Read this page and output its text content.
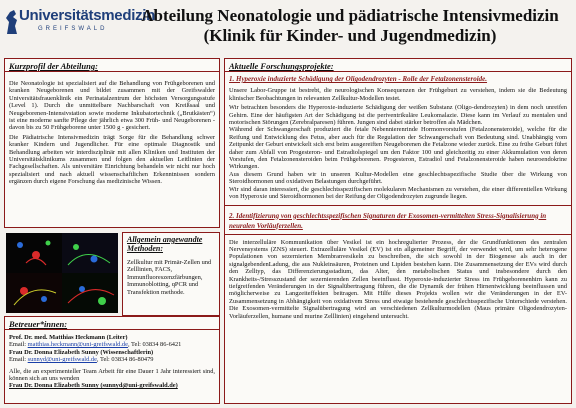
Universitätsmedizin
GREIFSWALD
Abteilung Neonatologie und pädiatrische Intensivmedizin
(Klinik für Kinder- und Jugendmedizin)
Kurzprofil der Abteilung:

Die Neonatologie ist spezialisiert auf die Behandlung von Frühgeborenen und kranken Neugeborenen und bildet zusammen mit der Greifswalder Universitätsfrauenklinik ein Perinatalzentrum der höchsten Versorgungsstufe (Level 1). Durch die unmittelbare Nachbarschaft von Kreißsaal und Neugeborenen-Intensivstation sowie moderne Inkubatortechnik („Brutkästen“) ist eine moderne sanfte Pflege der jährlich etwa 300 Früh- und Neugeborenen - davon bis zu 50 Frühgeborene unter 1500 g - gesichert.

Die Pädiatrische Intensivmedizin trägt Sorge für die Behandlung schwer kranker Kindern und Jugendlicher. Für eine optimale Diagnostik und Behandlung arbeiten wir interdisziplinär mit allen Kliniken und Instituten der Universitätsklinikums zusammen und folgen den aktuellen Leitlinien der Fachgesellschaften. Als universitäre Einrichtung behandeln wir nicht nur hoch spezialisiert und nach aktuell wissenschaftlichen Erkenntnissen sondern ergänzen durch eigene Forschung das medizinische Wissen.

Allgemein angewandte Methoden:
Zellkultur mit Primär-Zellen und Zelllinien, FACS, Immunfluoreszenzfärbungen, Immunoblotting, qPCR und Transfektion methode.
Betreuer*innen:

Prof. Dr. med. Matthias Heckmann (Leiter)

Email: matthias.heckmann@uni-greifswald.de, Tel: 03834 86-6421

Frau Dr. Donna Elizabeth Sunny (Wissenschaftlerin)

Email: sunnyd@uni-greifswald.de, Tel: 03834 86-80479

Alle, die an experimenteller Team Arbeit für eine Dauer 1 Jahr interessiert sind, können sich an uns wenden

Frau Dr. Donna Elizabeth Sunny (sunnyd@uni-greifswald.de)

Aktuelle Forschungsprojekte:
1. Hyperoxie induzierte Schädigung der Oligodendrozyten - Rolle der Fetalzonensteroide.

Unsere Labor-Gruppe ist bestrebt, die neurologischen Konsequenzen der Frühgeburt zu verstehen, indem sie die Bedeutung klinischer Beobachtungen in relevanten Zellkultur-Modellen testet.

Wir betrachten besonders die Hyperoxie-induzierte Schädigung der weißen Substanz (Oligo-dendrozyten) in dem noch unreifen Gehirn. Eine der häufigsten Art der Schädigung ist die periventrikuläre Leukomalazie. Diese kann im Verlauf zu mentalen und motorischen Störungen (Zerebralparesen) führen. Jungen sind dabei stärker betroffen als Mädchen.

Während der Schwangerschaft produziert die fetale Nebennierenrinde Hormonvorstufen (Fetalzonensteroide), welche für die Reifung und Entwicklung des Fetus, aber auch für die Regulation der Schwangerschaft von Bedeutung sind. Unabhängig vom Zeitpunkt der Geburt entwickelt sich erst beim ausgereiften Neugeborenen die Fetalzone wieder zurück. Eine zu frühe Geburt führt daher zum Abfall von Progesteron- und Estradiolspiegel um den Faktor 100 und gleichzeitig zu einer Akkumulation von deren Vorstufen, den Fetalzonensteroiden beim Frühgeborenen. Progesteron, Estradiol und Fetalzonensteroide haben neuroendokrine Wirkungen.

Aus diesem Grund haben wir in unseren Kultur-Modellen eine geschlechtsspezifische Studie über die Wirkung von Steroidhormonen und oxidativen Belastungen durchgeführt.

Wir sind daran interessiert, die geschlechtsspezifischen molekularen Mechanismen zu verstehen, die einer differentiellen Wirkung von Hyperoxie und Steroidhormonen bei der Reifung der Oligodendrozyten zugrunde liegen.

2. Identifizierung von geschlechtsspezifischen Signaturen der Exosomen-vermittelten Stress-Signalisierung in neuralen Vorläuferzellen.
Die interzelluläre Kommunikation über Vesikel ist ein hochregulierter Prozess, der die Grundfunktionen des zentralen Nervensystems (ZNS) steuert. Extrazelluläre Vesikel (EV) ist ein allgemeiner Begriff, der verwendet wird, um sehr heterogene Populationen von sezernierten Membranvesikeln zu beschreiben, die sich sowohl in der Biogenese als auch in der signalgebendenLadung, die aus Nukleinsäuren, Proteinen und Lipiden bestehen kann. Die Zusammensetzung der EVs wird durch den Zelltyp, das Differenzierungsstadium, das Alter, den metabolischen Status und insbesondere durch den Krankheits-/Stresszustand der sezernierenden Zellen beeinflusst. Hyperoxie-induzierter Stress im Frühgeborenenhirn kann zu tiefgreifenden Veränderungen in der Signalübertragung führen, die die Dynamik der frühen Hirnentwicklung beeinflussen und möglicherweise zu Langzeiteffekten beitragen. Mit Hilfe dieses Projekts wollen wir die Veränderungen in der EV-Zusammensetzung in Abhängigkeit von oxidativem Stress und etwaige bestehende geschlechtsspezifische Unterschiede verstehen. Die Exosomen-vermittelte Signalübertragung wird an verschiedenen Zellkulturmodellen (Maus primäre Oligodendrozyten-Vorläuferzellen, humane und murine Zelllinien) eingehend untersucht.
